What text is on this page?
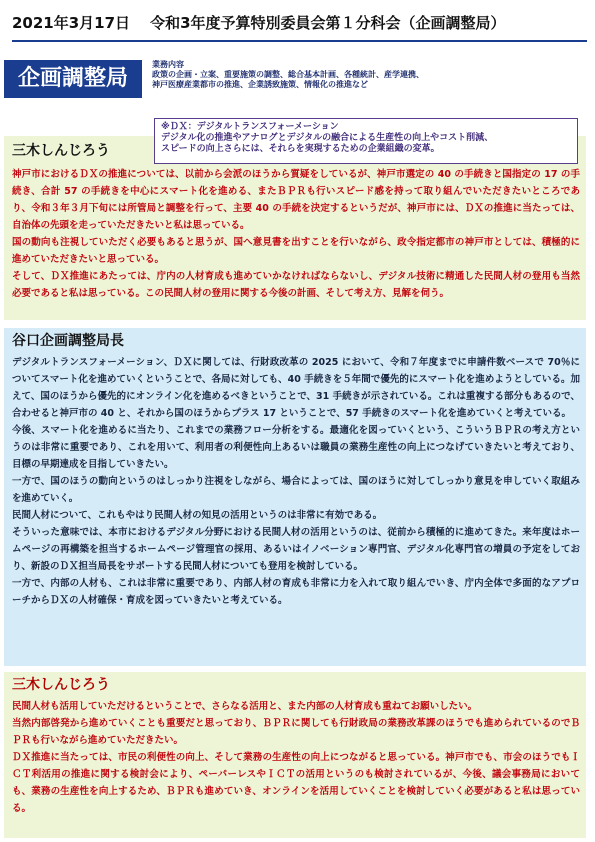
2021年3月17日 令和3年度予算特別委員会第１分科会（企画調整局）
企画調整局
業務内容
政策の企画・立案、重要施策の調整、総合基本計画、各種統計、産学連携、
神戸医療産業都市の推進、企業誘致施策、情報化の推進など
三木しんじろう

神戸市におけるＤＸの推進については、以前から会派のほうから質疑をしているが、神戸市選定の 40 の手続きと国指定の 17 の手続き、合計 57 の手続きを中心にスマート化を進める、またＢＰＲも行いスピード感を持って取り組んでいただきたいところであり、令和３年３月下旬には所管局と調整を行って、主要 40 の手続を決定するというだが、神戸市には、ＤＸの推進に当たっては、自治体の先頭を走っていただきたいと私は思っている。

国の動向も注視していただく必要もあると思うが、国へ意見書を出すことを行いながら、政令指定都市の神戸市としては、積極的に進めていただきたいと思っている。

そして、ＤＸ推進にあたっては、庁内の人材育成も進めていかなければならないし、デジタル技術に精通した民間人材の登用も当然必要であると私は思っている。この民間人材の登用に関する今後の計画、そして考え方、見解を伺う。

※ＤＸ：デジタルトランスフォーメーション
デジタル化の推進やアナログとデジタルの融合による生産性の向上やコスト削減、
スピードの向上さらには、それらを実現するための企業組織の変革。
谷口企画調整局長

デジタルトランスフォーメーション、ＤＸに関しては、行財政改革の 2025 において、令和７年度までに申請件数ベースで 70％についてスマート化を進めていくということで、各局に対しても、40 手続きを５年間で優先的にスマート化を進めようとしている。加えて、国のほうから優先的にオンライン化を進めるべきということで、31 手続きが示されている。これは重複する部分もあるので、合わせると神戸市の 40 と、それから国のほうからプラス 17 ということで、57 手続きのスマート化を進めていくと考えている。

今後、スマート化を進めるに当たり、これまでの業務フロー分析をする。最適化を図っていくという、こういうＢＰＲの考え方というのは非常に重要であり、これを用いて、利用者の利便性向上あるいは職員の業務生産性の向上につなげていきたいと考えており、目標の早期達成を目指していきたい。

一方で、国のほうの動向というのはしっかり注視をしながら、場合によっては、国のほうに対してしっかり意見を申していく取組みを進めていく。

民間人材について、これもやはり民間人材の知見の活用というのは非常に有効である。

そういった意味では、本市におけるデジタル分野における民間人材の活用というのは、従前から積極的に進めてきた。来年度はホームページの再構築を担当するホームページ管理官の採用、あるいはイノベーション専門官、デジタル化専門官の増員の予定をしており、新設のＤＸ担当局長をサポートする民間人材についても登用を検討している。

一方で、内部の人材も、これは非常に重要であり、内部人材の育成も非常に力を入れて取り組んでいき、庁内全体で多面的なアプローチからＤＸの人材確保・育成を図っていきたいと考えている。

三木しんじろう

民間人材も活用していただけるということで、さらなる活用と、また内部の人材育成も重ねてお願いしたい。

当然内部啓発から進めていくことも重要だと思っており、ＢＰＲに関しても行財政局の業務改革課のほうでも進められているのでＢＰＲも行いながら進めていただきたい。

ＤＸ推進に当たっては、市民の利便性の向上、そして業務の生産性の向上につながると思っている。神戸市でも、市会のほうでもＩＣＴ利活用の推進に関する検討会により、ペーパーレスやＩＣＴの活用というのも検討されているが、今後、議会事務局においても、業務の生産性を向上するため、ＢＰＲも進めていき、オンラインを活用していくことを検討していく必要があると私は思っている。
